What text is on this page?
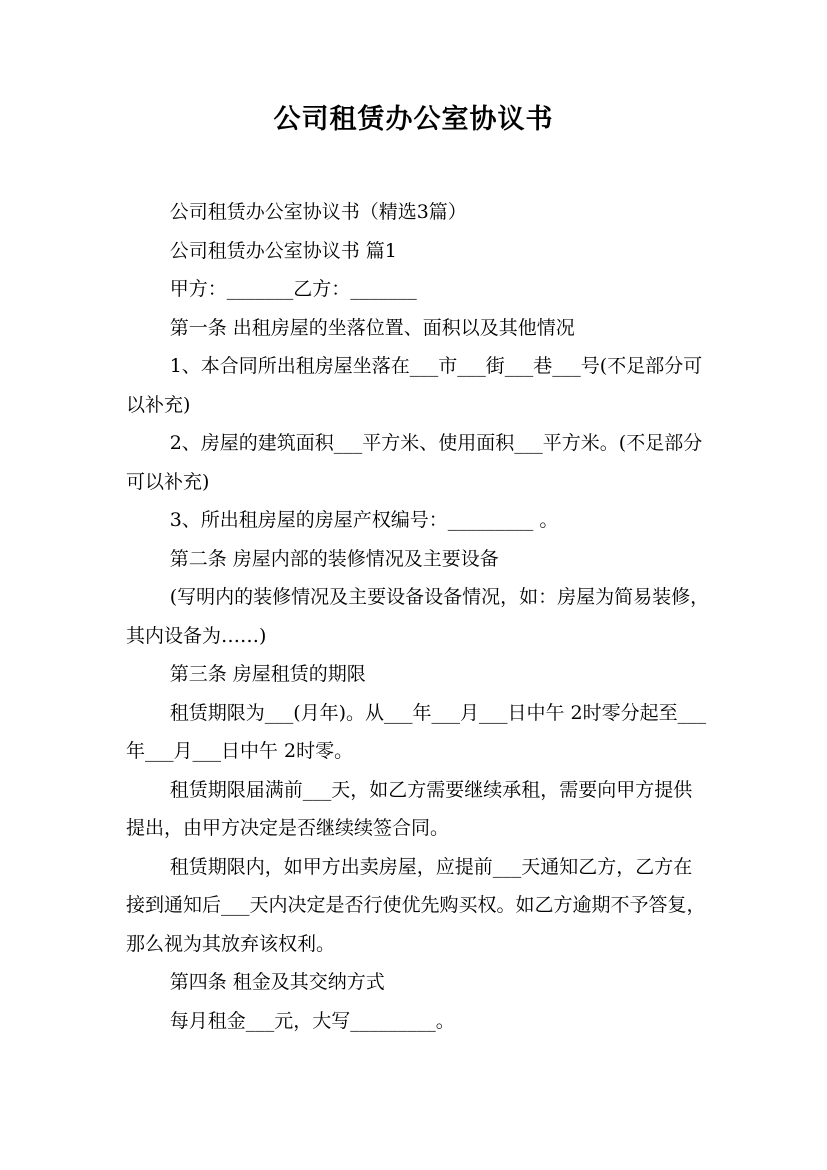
公司租赁办公室协议书

公司租赁办公室协议书（精选3篇）

公司租赁办公室协议书 篇1

甲方：_______乙方：_______

第一条 出租房屋的坐落位置、面积以及其他情况

1、本合同所出租房屋坐落在___市___街___巷___号(不足部分可以补充)

2、房屋的建筑面积___平方米、使用面积___平方米。(不足部分可以补充)

3、所出租房屋的房屋产权编号：_________ 。

第二条 房屋内部的装修情况及主要设备

(写明内的装修情况及主要设备设备情况，如：房屋为简易装修，其内设备为……)

第三条 房屋租赁的期限

租赁期限为___(月年)。从___年___月___日中午 2时零分起至___年___月___日中午 2时零。

租赁期限届满前___天，如乙方需要继续承租，需要向甲方提供提出，由甲方决定是否继续续签合同。

租赁期限内，如甲方出卖房屋，应提前___天通知乙方，乙方在接到通知后___天内决定是否行使优先购买权。如乙方逾期不予答复，那么视为其放弃该权利。

第四条 租金及其交纳方式

每月租金___元，大写_________。
